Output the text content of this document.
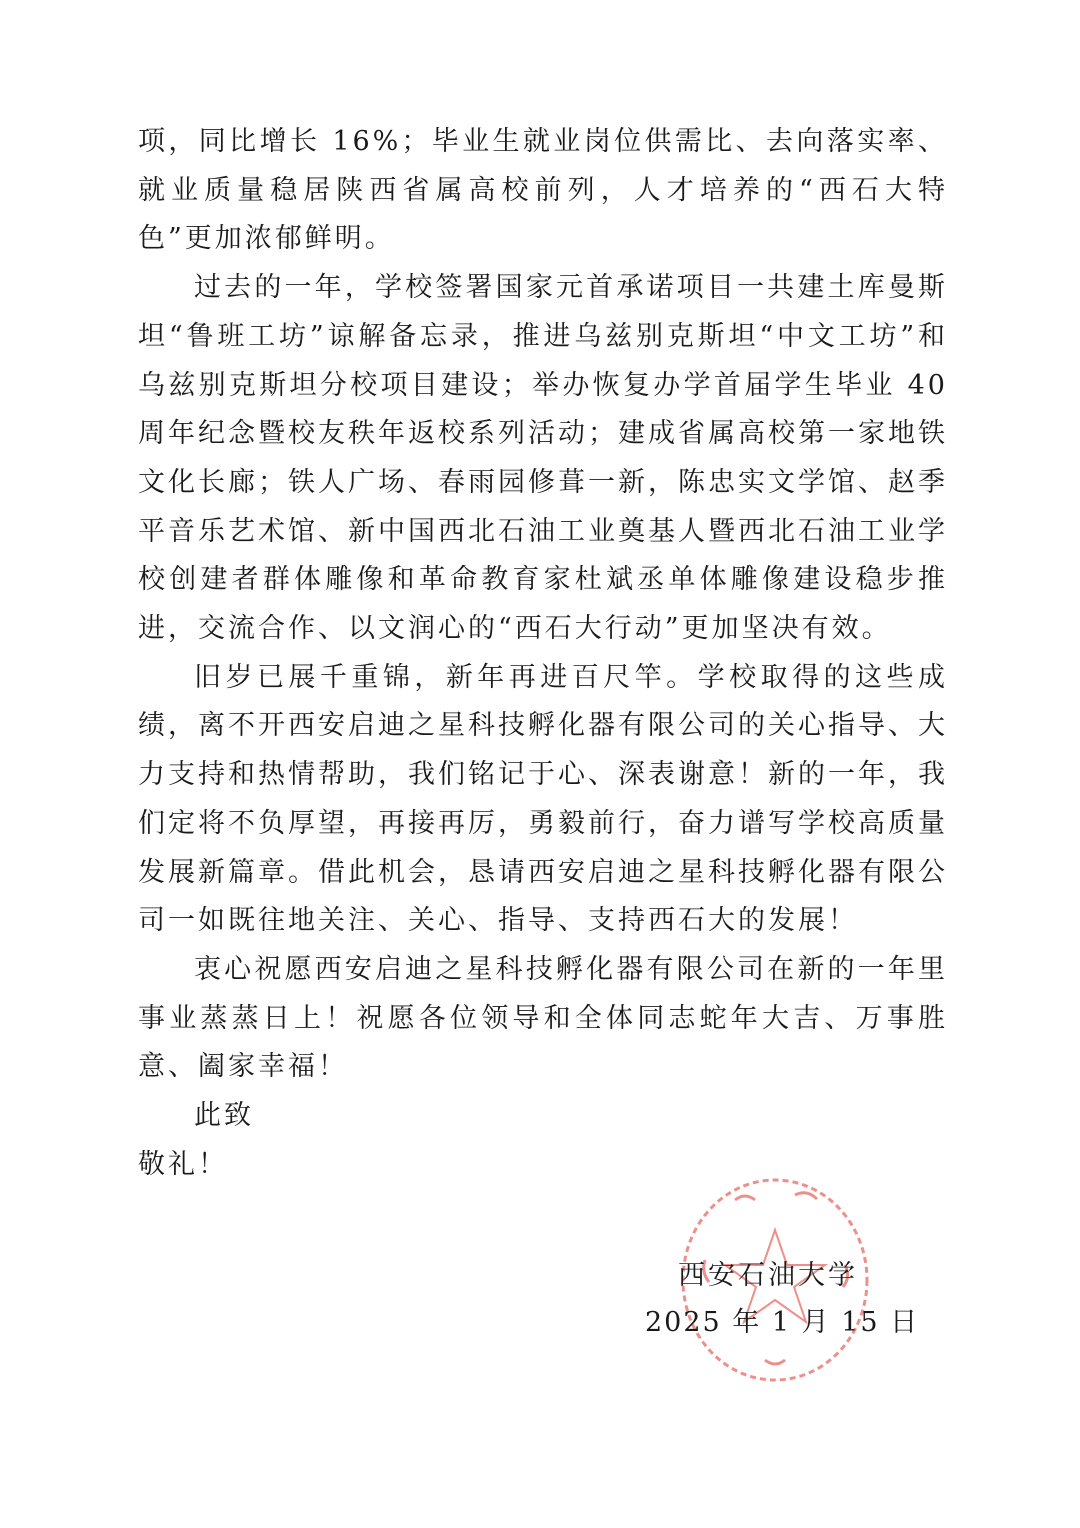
项，同比增长 16%；毕业生就业岗位供需比、去向落实率、就业质量稳居陕西省属高校前列，人才培养的“西石大特色”更加浓郁鲜明。

过去的一年，学校签署国家元首承诺项目一共建土库曼斯坦“鲁班工坊”谅解备忘录，推进乌兹别克斯坦“中文工坊”和乌兹别克斯坦分校项目建设；举办恢复办学首届学生毕业 40 周年纪念暨校友秩年返校系列活动；建成省属高校第一家地铁文化长廊；铁人广场、春雨园修葺一新，陈忠实文学馆、赵季平音乐艺术馆、新中国西北石油工业奠基人暨西北石油工业学校创建者群体雕像和革命教育家杜斌丞单体雕像建设稳步推进，交流合作、以文润心的“西石大行动”更加坚决有效。

旧岁已展千重锦，新年再进百尺竿。学校取得的这些成绩，离不开西安启迪之星科技孵化器有限公司的关心指导、大力支持和热情帮助，我们铭记于心、深表谢意！新的一年，我们定将不负厚望，再接再厉，勇毅前行，奋力谱写学校高质量发展新篇章。借此机会，恳请西安启迪之星科技孵化器有限公司一如既往地关注、关心、指导、支持西石大的发展！

衷心祝愿西安启迪之星科技孵化器有限公司在新的一年里事业蒸蒸日上！祝愿各位领导和全体同志蛇年大吉、万事胜意、阖家幸福！

此致

敬礼！

西安石油大学
2025 年 1 月 15 日
